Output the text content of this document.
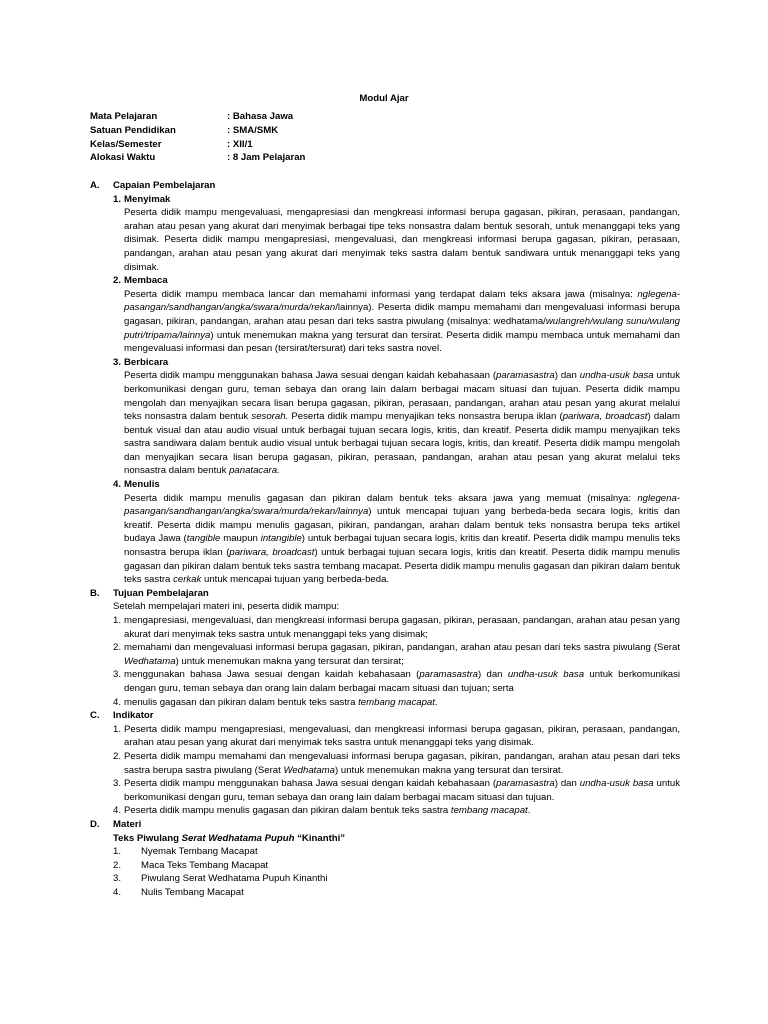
Modul Ajar
Mata Pelajaran	: Bahasa Jawa
Satuan Pendidikan	: SMA/SMK
Kelas/Semester	: XII/1
Alokasi Waktu	: 8 Jam Pelajaran
A.	Capaian Pembelajaran
1. Menyimak
Peserta didik mampu mengevaluasi, mengapresiasi dan mengkreasi informasi berupa gagasan, pikiran, perasaan, pandangan, arahan atau pesan yang akurat dari menyimak berbagai tipe teks nonsastra dalam bentuk sesorah, untuk menanggapi teks yang disimak. Peserta didik mampu mengapresiasi, mengevaluasi, dan mengkreasi informasi berupa gagasan, pikiran, perasaan, pandangan, arahan atau pesan yang akurat dari menyimak teks sastra dalam bentuk sandiwara untuk menanggapi teks yang disimak.
2. Membaca
Peserta didik mampu membaca lancar dan memahami informasi yang terdapat dalam teks aksara jawa (misalnya: nglegena-pasangan/sandhangan/angka/swara/murda/rekan/lainnya). Peserta didik mampu memahami dan mengevaluasi informasi berupa gagasan, pikiran, pandangan, arahan atau pesan dari teks sastra piwulang (misalnya: wedhatama/wulangreh/wulang sunu/wulang putri/tripama/lainnya) untuk menemukan makna yang tersurat dan tersirat. Peserta didik mampu membaca untuk memahami dan mengevaluasi informasi dan pesan (tersirat/tersurat) dari teks sastra novel.
3. Berbicara
Peserta didik mampu menggunakan bahasa Jawa sesuai dengan kaidah kebahasaan (paramasastra) dan undha-usuk basa untuk berkomunikasi dengan guru, teman sebaya dan orang lain dalam berbagai macam situasi dan tujuan. Peserta didik mampu mengolah dan menyajikan secara lisan berupa gagasan, pikiran, perasaan, pandangan, arahan atau pesan yang akurat melalui teks nonsastra dalam bentuk sesorah. Peserta didik mampu menyajikan teks nonsastra berupa iklan (pariwara, broadcast) dalam bentuk visual dan atau audio visual untuk berbagai tujuan secara logis, kritis, dan kreatif. Peserta didik mampu menyajikan teks sastra sandiwara dalam bentuk audio visual untuk berbagai tujuan secara logis, kritis, dan kreatif. Peserta didik mampu mengolah dan menyajikan secara lisan berupa gagasan, pikiran, perasaan, pandangan, arahan atau pesan yang akurat melalui teks nonsastra dalam bentuk panatacara.
4. Menulis
Peserta didik mampu menulis gagasan dan pikiran dalam bentuk teks aksara jawa yang memuat (misalnya: nglegena-pasangan/sandhangan/angka/swara/murda/rekan/lainnya) untuk mencapai tujuan yang berbeda-beda secara logis, kritis dan kreatif. Peserta didik mampu menulis gagasan, pikiran, pandangan, arahan dalam bentuk teks nonsastra berupa teks artikel budaya Jawa (tangible maupun intangible) untuk berbagai tujuan secara logis, kritis dan kreatif. Peserta didik mampu menulis teks nonsastra berupa iklan (pariwara, broadcast) untuk berbagai tujuan secara logis, kritis dan kreatif. Peserta didik mampu menulis gagasan dan pikiran dalam bentuk teks sastra tembang macapat. Peserta didik mampu menulis gagasan dan pikiran dalam bentuk teks sastra cerkak untuk mencapai tujuan yang berbeda-beda.
B.	Tujuan Pembelajaran
Setelah mempelajari materi ini, peserta didik mampu:
1. mengapresiasi, mengevaluasi, dan mengkreasi informasi berupa gagasan, pikiran, perasaan, pandangan, arahan atau pesan yang akurat dari menyimak teks sastra untuk menanggapi teks yang disimak;
2. memahami dan mengevaluasi informasi berupa gagasan, pikiran, pandangan, arahan atau pesan dari teks sastra piwulang (Serat Wedhatama) untuk menemukan makna yang tersurat dan tersirat;
3. menggunakan bahasa Jawa sesuai dengan kaidah kebahasaan (paramasastra) dan undha-usuk basa untuk berkomunikasi dengan guru, teman sebaya dan orang lain dalam berbagai macam situasi dan tujuan; serta
4. menulis gagasan dan pikiran dalam bentuk teks sastra tembang macapat.
C.	Indikator
1. Peserta didik mampu mengapresiasi, mengevaluasi, dan mengkreasi informasi berupa gagasan, pikiran, perasaan, pandangan, arahan atau pesan yang akurat dari menyimak teks sastra untuk menanggapi teks yang disimak.
2. Peserta didik mampu memahami dan mengevaluasi informasi berupa gagasan, pikiran, pandangan, arahan atau pesan dari teks sastra berupa sastra piwulang (Serat Wedhatama) untuk menemukan makna yang tersurat dan tersirat.
3. Peserta didik mampu menggunakan bahasa Jawa sesuai dengan kaidah kebahasaan (paramasastra) dan undha-usuk basa untuk berkomunikasi dengan guru, teman sebaya dan orang lain dalam berbagai macam situasi dan tujuan.
4. Peserta didik mampu menulis gagasan dan pikiran dalam bentuk teks sastra tembang macapat.
D.	Materi
Teks Piwulang Serat Wedhatama Pupuh “Kinanthi”
1.	Nyemak Tembang Macapat
2.	Maca Teks Tembang Macapat
3.	Piwulang Serat Wedhatama Pupuh Kinanthi
4.	Nulis Tembang Macapat
